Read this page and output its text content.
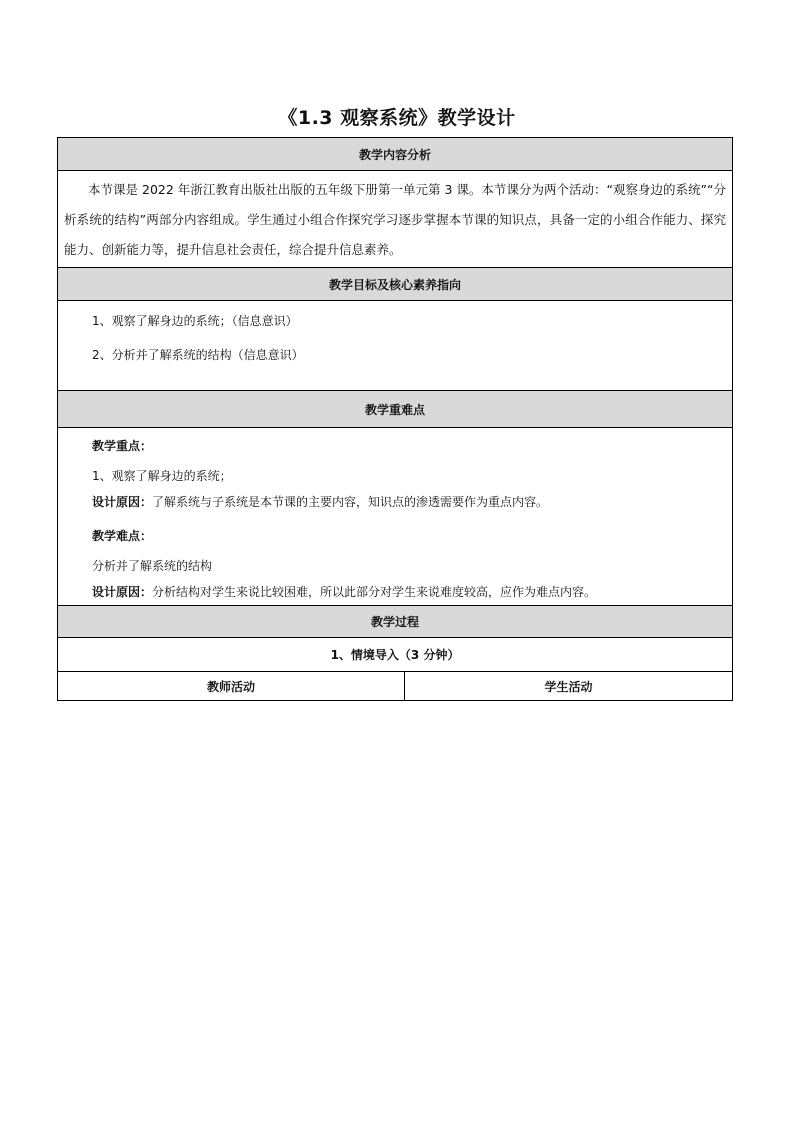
《1.3 观察系统》教学设计
教学内容分析

本节课是 2022 年浙江教育出版社出版的五年级下册第一单元第 3 课。本节课分为两个活动：“观察身边的系统”“分析系统的结构”两部分内容组成。学生通过小组合作探究学习逐步掌握本节课的知识点，具备一定的小组合作能力、探究能力、创新能力等，提升信息社会责任，综合提升信息素养。

教学目标及核心素养指向

1、观察了解身边的系统；（信息意识）

2、分析并了解系统的结构（信息意识）

教学重难点

教学重点：

1、观察了解身边的系统；

设计原因：了解系统与子系统是本节课的主要内容，知识点的渗透需要作为重点内容。

教学难点：

分析并了解系统的结构

设计原因：分析结构对学生来说比较困难，所以此部分对学生来说难度较高，应作为难点内容。

教学过程
1、情境导入（3 分钟）
教师活动	学生活动
